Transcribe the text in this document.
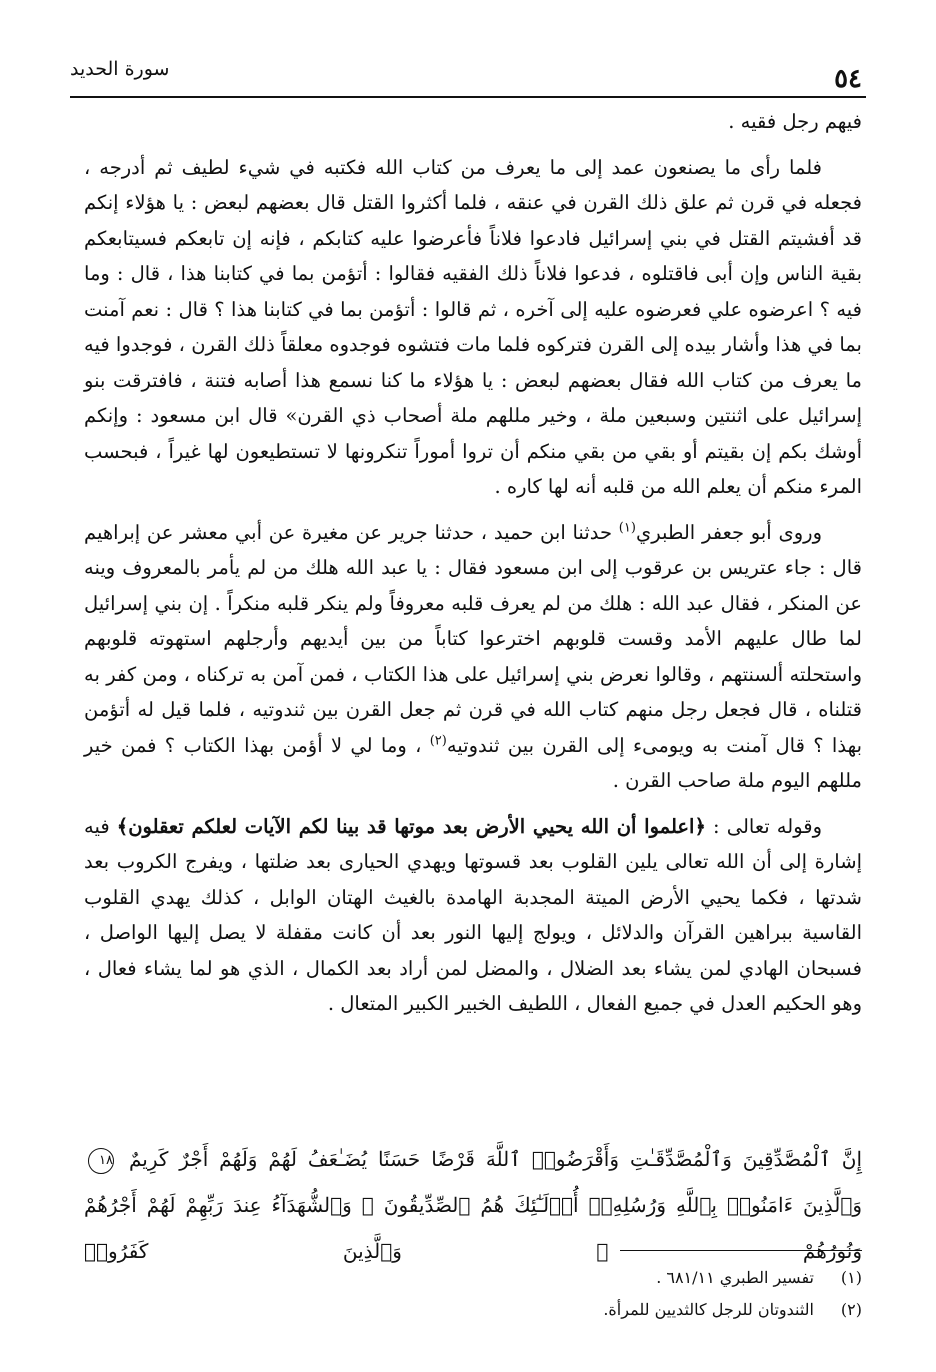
سورة الحديد	٥٤

فيهم رجل فقيه .

فلما رأى ما يصنعون عمد إلى ما يعرف من كتاب الله فكتبه في شيء لطيف ثم أدرجه ، فجعله في قرن ثم علق ذلك القرن في عنقه ، فلما أكثروا القتل قال بعضهم لبعض : يا هؤلاء إنكم قد أفشيتم القتل في بني إسرائيل فادعوا فلاناً فأعرضوا عليه كتابكم ، فإنه إن تابعكم فسيتابعكم بقية الناس وإن أبى فاقتلوه ، فدعوا فلاناً ذلك الفقيه فقالوا : أتؤمن بما في كتابنا هذا ، قال : وما فيه ؟ اعرضوه علي فعرضوه عليه إلى آخره ، ثم قالوا : أتؤمن بما في كتابنا هذا ؟ قال : نعم آمنت بما في هذا وأشار بيده إلى القرن فتركوه فلما مات فتشوه فوجدوه معلقاً ذلك القرن ، فوجدوا فيه ما يعرف من كتاب الله فقال بعضهم لبعض : يا هؤلاء ما كنا نسمع هذا أصابه فتنة ، فافترقت بنو إسرائيل على اثنتين وسبعين ملة ، وخير مللهم ملة أصحاب ذي القرن» قال ابن مسعود : وإنكم أوشك بكم إن بقيتم أو بقي من بقي منكم أن تروا أموراً تنكرونها لا تستطيعون لها غيراً ، فبحسب المرء منكم أن يعلم الله من قلبه أنه لها كاره .

وروى أبو جعفر الطبري$^{(١)}$ حدثنا ابن حميد ، حدثنا جرير عن مغيرة عن أبي معشر عن إبراهيم قال : جاء عتريس بن عرقوب إلى ابن مسعود فقال : يا عبد الله هلك من لم يأمر بالمعروف وينه عن المنكر ، فقال عبد الله : هلك من لم يعرف قلبه معروفاً ولم ينكر قلبه منكراً . إن بني إسرائيل لما طال عليهم الأمد وقست قلوبهم اخترعوا كتاباً من بين أيديهم وأرجلهم استهوته قلوبهم واستحلته ألسنتهم ، وقالوا نعرض بني إسرائيل على هذا الكتاب ، فمن آمن به تركناه ، ومن كفر به قتلناه ، قال فجعل رجل منهم كتاب الله في قرن ثم جعل القرن بين ثندوتيه ، فلما قيل له أتؤمن بهذا ؟ قال آمنت به ويومىء إلى القرن بين ثندوتيه$^{(٢)}$ ، وما لي لا أؤمن بهذا الكتاب ؟ فمن خير مللهم اليوم ملة صاحب القرن .

وقوله تعالى : ﴿اعلموا أن الله يحيي الأرض بعد موتها قد بينا لكم الآيات لعلكم تعقلون﴾ فيه إشارة إلى أن الله تعالى يلين القلوب بعد قسوتها ويهدي الحيارى بعد ضلتها ، ويفرج الكروب بعد شدتها ، فكما يحيي الأرض الميتة المجدبة الهامدة بالغيث الهتان الوابل ، كذلك يهدي القلوب القاسية ببراهين القرآن والدلائل ، ويولج إليها النور بعد أن كانت مقفلة لا يصل إليها الواصل ، فسبحان الهادي لمن يشاء بعد الضلال ، والمضل لمن أراد بعد الكمال ، الذي هو لما يشاء فعال ، وهو الحكيم العدل في جميع الفعال ، اللطيف الخبير الكبير المتعال .

إِنَّ ٱلْمُصَّدِّقِينَ وَٱلْمُصَّدِّقَـٰتِ وَأَقْرَضُوا۟ ٱللَّهَ قَرْضًا حَسَنًا يُضَـٰعَفُ لَهُمْ وَلَهُمْ أَجْرٌ كَرِيمٌ ١٨ وَٱلَّذِينَ ءَامَنُوا۟ بِٱللَّهِ وَرُسُلِهِۦٓ أُو۟لَـٰٓئِكَ هُمُ ٱلصِّدِّيقُونَ ۖ وَٱلشُّهَدَآءُ عِندَ رَبِّهِمْ لَهُمْ أَجْرُهُمْ وَنُورُهُمْ ۖ وَٱلَّذِينَ كَفَرُوا۟
(١)
تفسير الطبري ٦٨١/١١ .
(٢)
الثندوتان للرجل كالثديين للمرأة.
